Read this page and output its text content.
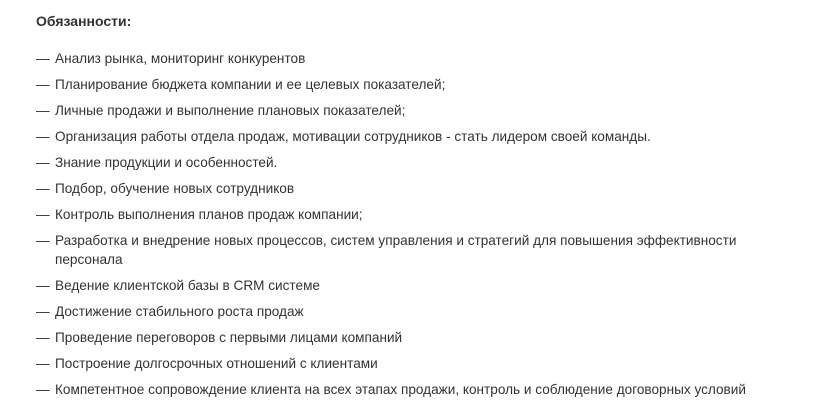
Обязанности:
— Анализ рынка, мониторинг конкурентов
— Планирование бюджета компании и ее целевых показателей;
— Личные продажи и выполнение плановых показателей;
— Организация работы отдела продаж, мотивации сотрудников - стать лидером своей команды.
— Знание продукции и особенностей.
— Подбор, обучение новых сотрудников
— Контроль выполнения планов продаж компании;
— Разработка и внедрение новых процессов, систем управления и стратегий для повышения эффективности персонала
— Ведение клиентской базы в CRM системе
— Достижение стабильного роста продаж
— Проведение переговоров с первыми лицами компаний
— Построение долгосрочных отношений с клиентами
— Компетентное сопровождение клиента на всех этапах продажи, контроль и соблюдение договорных условий
